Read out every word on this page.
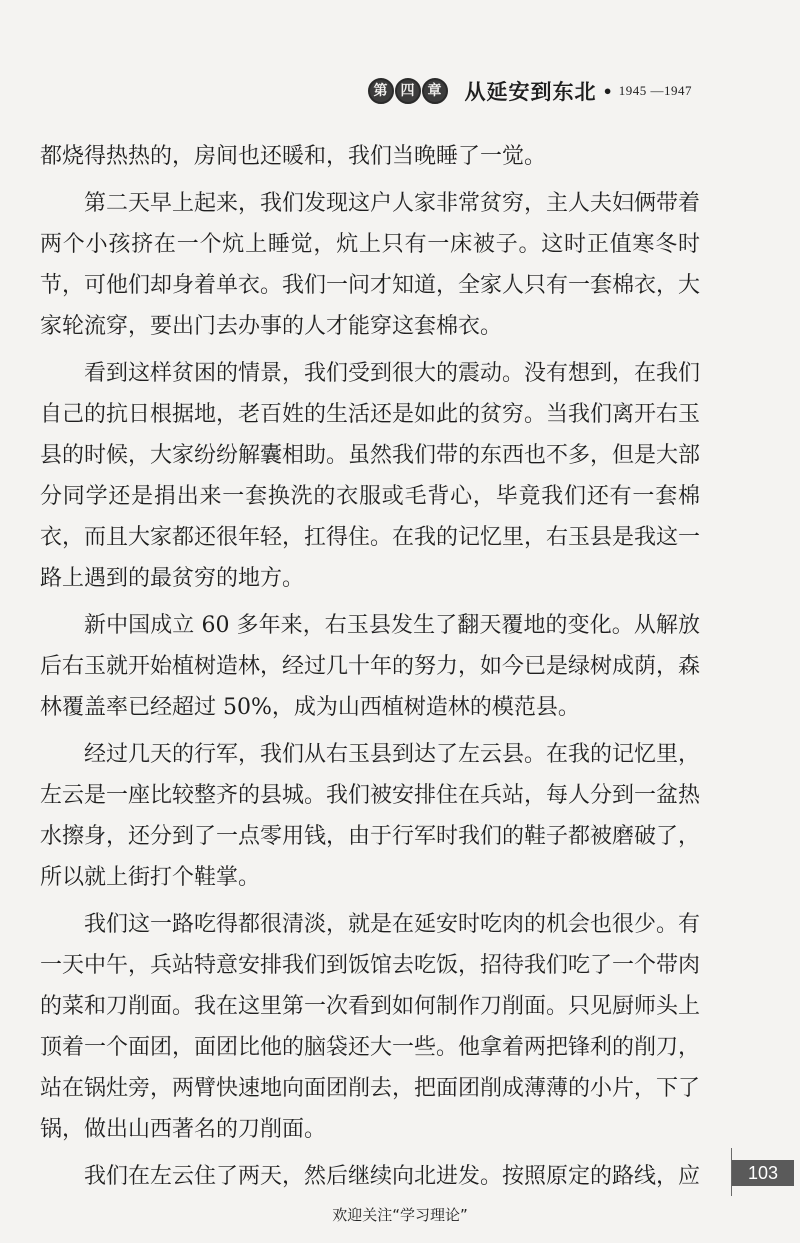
第 四 章 从延安到东北 • 1945 —1947

都烧得热热的，房间也还暖和，我们当晚睡了一觉。

第二天早上起来，我们发现这户人家非常贫穷，主人夫妇俩带着两个小孩挤在一个炕上睡觉，炕上只有一床被子。这时正值寒冬时节，可他们却身着单衣。我们一问才知道，全家人只有一套棉衣，大家轮流穿，要出门去办事的人才能穿这套棉衣。

看到这样贫困的情景，我们受到很大的震动。没有想到，在我们自己的抗日根据地，老百姓的生活还是如此的贫穷。当我们离开右玉县的时候，大家纷纷解囊相助。虽然我们带的东西也不多，但是大部分同学还是捐出来一套换洗的衣服或毛背心，毕竟我们还有一套棉衣，而且大家都还很年轻，扛得住。在我的记忆里，右玉县是我这一路上遇到的最贫穷的地方。

新中国成立 60 多年来，右玉县发生了翻天覆地的变化。从解放后右玉就开始植树造林，经过几十年的努力，如今已是绿树成荫，森林覆盖率已经超过 50%，成为山西植树造林的模范县。

经过几天的行军，我们从右玉县到达了左云县。在我的记忆里，左云是一座比较整齐的县城。我们被安排住在兵站，每人分到一盆热水擦身，还分到了一点零用钱，由于行军时我们的鞋子都被磨破了，所以就上街打个鞋掌。

我们这一路吃得都很清淡，就是在延安时吃肉的机会也很少。有一天中午，兵站特意安排我们到饭馆去吃饭，招待我们吃了一个带肉的菜和刀削面。我在这里第一次看到如何制作刀削面。只见厨师头上顶着一个面团，面团比他的脑袋还大一些。他拿着两把锋利的削刀，站在锅灶旁，两臂快速地向面团削去，把面团削成薄薄的小片，下了锅，做出山西著名的刀削面。

我们在左云住了两天，然后继续向北进发。按照原定的路线，应	103
欢迎关注“学习理论”
